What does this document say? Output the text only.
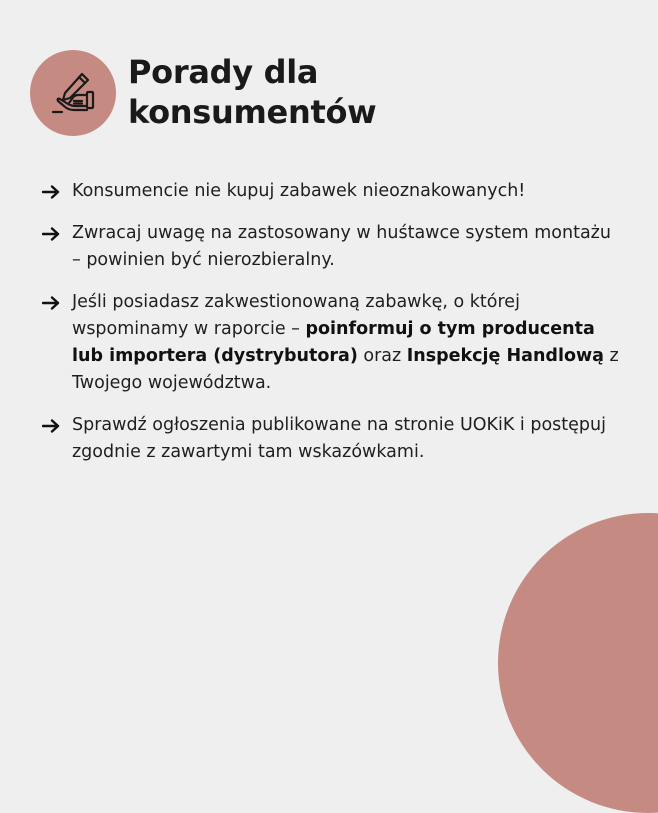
Porady dla
konsumentów
Konsumencie nie kupuj zabawek nieoznakowanych!
Zwracaj uwagę na zastosowany w huśtawce system montażu – powinien być nierozbieralny.
Jeśli posiadasz zakwestionowaną zabawkę, o której wspominamy w raporcie – poinformuj o tym producenta lub importera (dystrybutora) oraz Inspekcję Handlową z Twojego województwa.
Sprawdź ogłoszenia publikowane na stronie UOKiK i postępuj zgodnie z zawartymi tam wskazówkami.
